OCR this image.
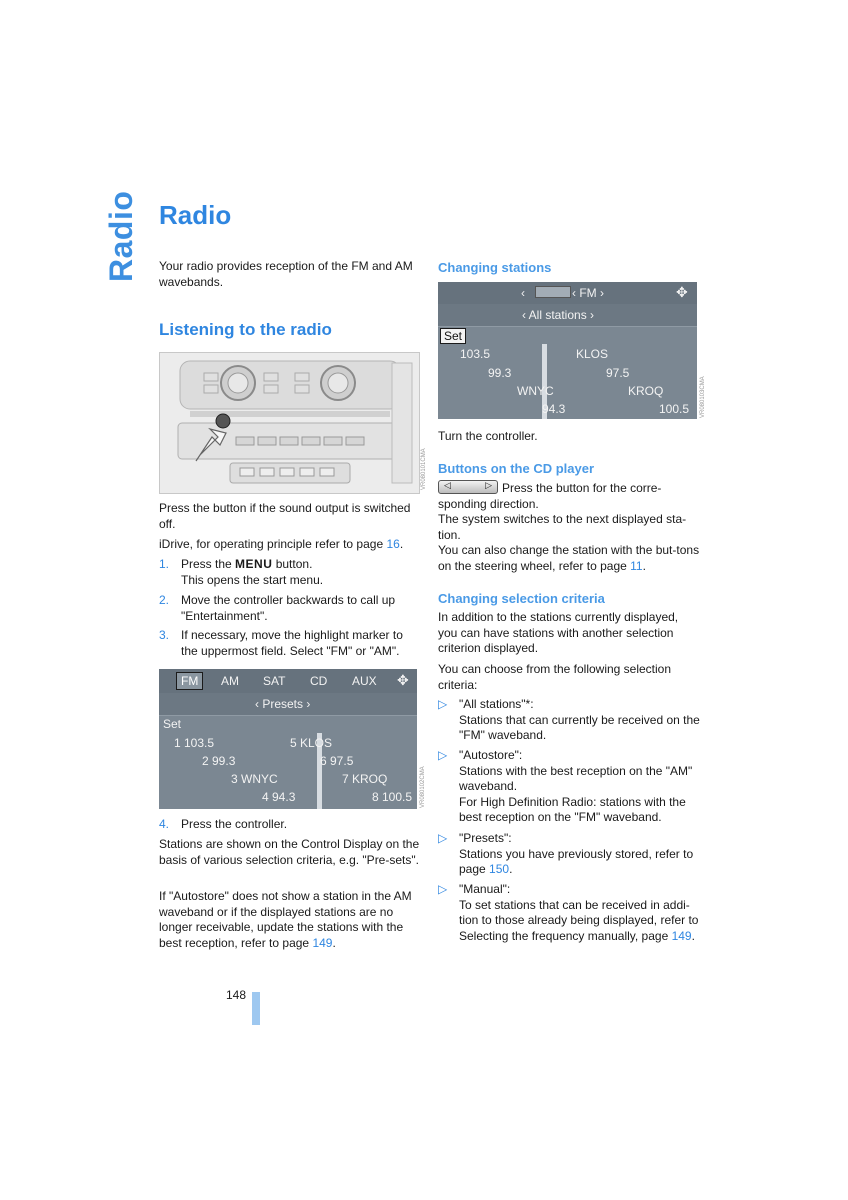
Radio Radio
Your radio provides reception of the FM and AM wavebands.
Listening to the radio
VR080101CMA
Press the button if the sound output is switched off.
iDrive, for operating principle refer to page 16.
1. Press the MENU button.
This opens the start menu.
2. Move the controller backwards to call up "Entertainment".
3. If necessary, move the highlight marker to the uppermost field. Select "FM" or "AM".
FM	AM SAT CD AUX ✥
‹ Presets ›
Set
1 103.5	5 KLOS
2 99.3	6 97.5
3 WNYC	7 KROQ
4 94.3	8 100.5 VR080102CMA
4. Press the controller.
Stations are shown on the Control Display on the basis of various selection criteria, e.g. "Pre-sets".
If "Autostore" does not show a station in the AM waveband or if the displayed stations are no longer receivable, update the stations with the best reception, refer to page 149.
Changing stations
‹	‹ FM ›	✥
‹ All stations ›
Set
103.5	KLOS
99.3	97.5
WNYC	KROQ
94.3	100.5 VR080103CMA
Turn the controller.
Buttons on the CD player
◁	▷ Press the button for the corre-sponding direction.
The system switches to the next displayed sta-tion.
You can also change the station with the but-tons on the steering wheel, refer to page 11.
Changing selection criteria
In addition to the stations currently displayed, you can have stations with another selection criterion displayed.
You can choose from the following selection criteria:
▷ "All stations"*:
Stations that can currently be received on the "FM" waveband.
▷ "Autostore":
Stations with the best reception on the "AM" waveband.
For High Definition Radio: stations with the best reception on the "FM" waveband.
▷ "Presets":
Stations you have previously stored, refer to page 150.
▷ "Manual":
To set stations that can be received in addi-tion to those already being displayed, refer to Selecting the frequency manually, page 149.
148
